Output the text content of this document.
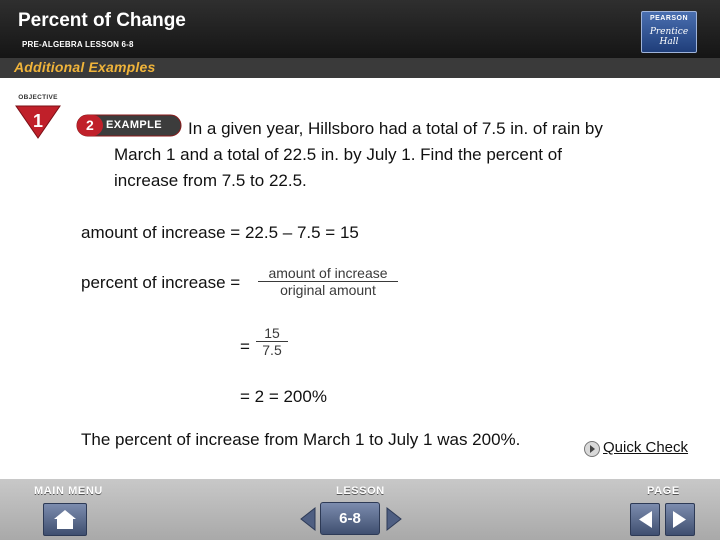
Percent of Change
PRE-ALGEBRA LESSON 6-8
PEARSON
Prentice
Hall
Additional Examples
OBJECTIVE
1	2 EXAMPLE In a given year, Hillsboro had a total of 7.5 in. of rain by
March 1 and a total of 22.5 in. by July 1. Find the percent of
increase from 7.5 to 22.5.
amount of increase = 22.5 – 7.5 = 15
percent of increase =	amount of increase
original amount
=
15
7.5
= 2 = 200%
The percent of increase from March 1 to July 1 was 200%.	Quick Check
MAIN MENU	LESSON	PAGE
6-8
